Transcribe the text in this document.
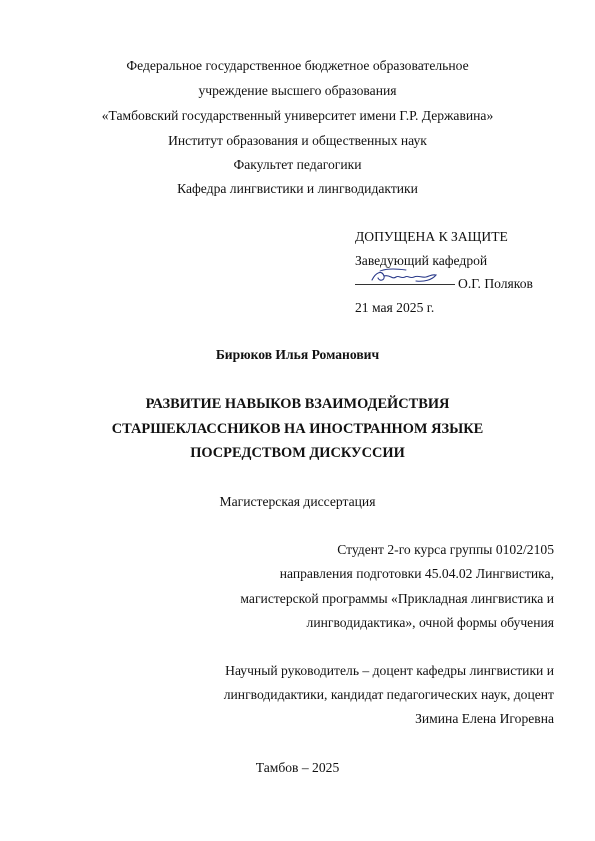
Федеральное государственное бюджетное образовательное
учреждение высшего образования
«Тамбовский государственный университет имени Г.Р. Державина»
Институт образования и общественных наук
Факультет педагогики
Кафедра лингвистики и лингводидактики
ДОПУЩЕНА К ЗАЩИТЕ
Заведующий кафедрой
О.Г. Поляков
21 мая 2025 г.
Бирюков Илья Романович
РАЗВИТИЕ НАВЫКОВ ВЗАИМОДЕЙСТВИЯ
СТАРШЕКЛАССНИКОВ НА ИНОСТРАННОМ ЯЗЫКЕ
ПОСРЕДСТВОМ ДИСКУССИИ
Магистерская диссертация
Студент 2-го курса группы 0102/2105
направления подготовки 45.04.02 Лингвистика,
магистерской программы «Прикладная лингвистика и
лингводидактика», очной формы обучения
Научный руководитель – доцент кафедры лингвистики и
лингводидактики, кандидат педагогических наук, доцент
Зимина Елена Игоревна
Тамбов – 2025
